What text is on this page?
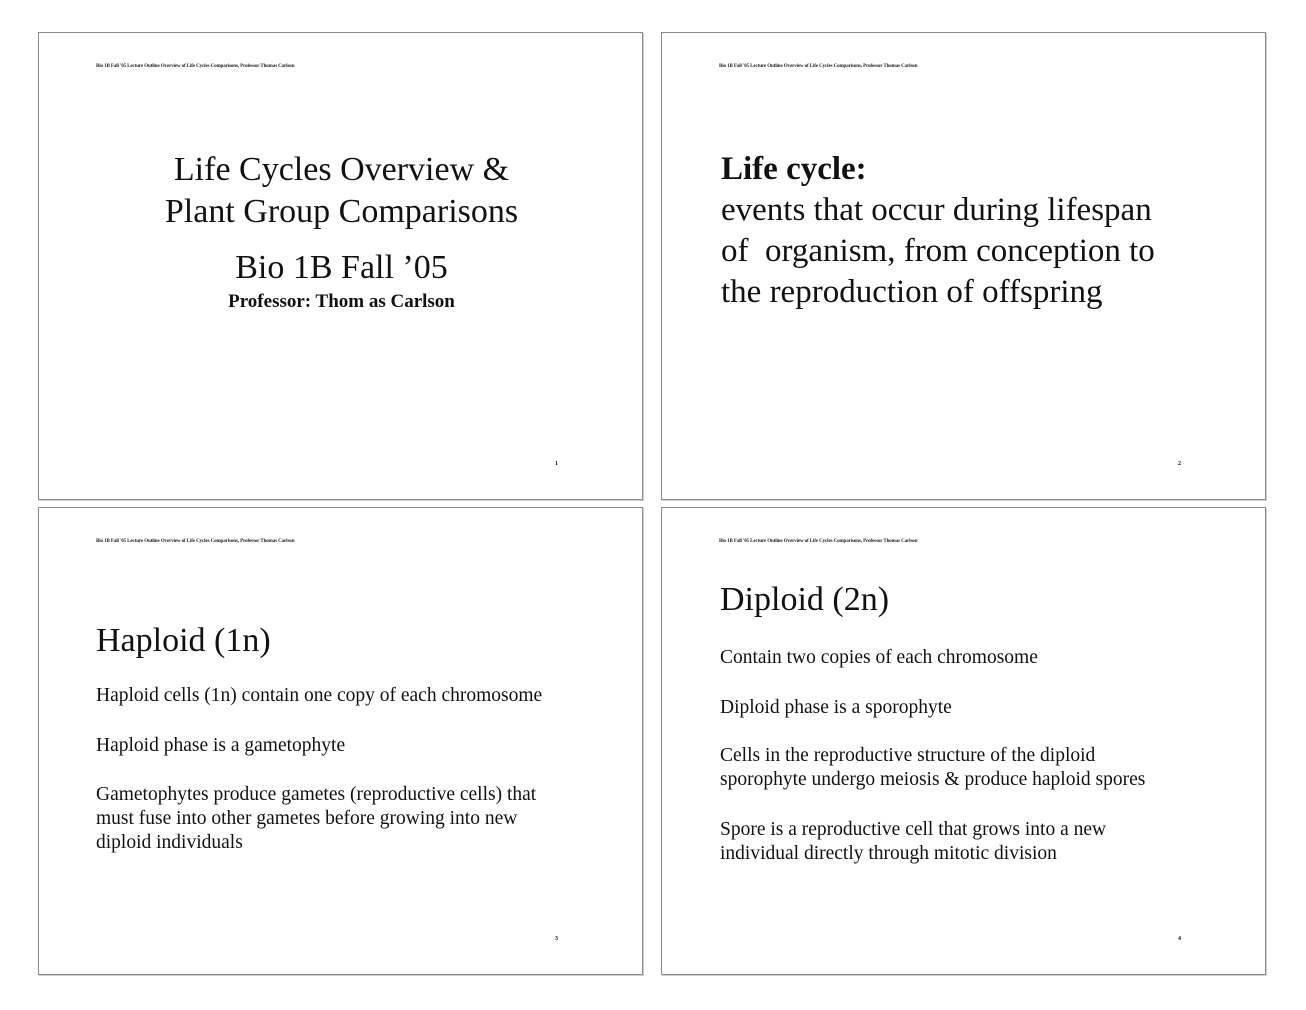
Bio 1B Fall '05 Lecture Outline Overview of Life Cycles Comparisons, Professor Thomas Carlson
Life Cycles Overview &
Plant Group Comparisons
Bio 1B Fall ’05
Professor: Thom as Carlson
1
Bio 1B Fall '05 Lecture Outline Overview of Life Cycles Comparisons, Professor Thomas Carlson
Life cycle:
events that occur during lifespan
of  organism, from conception to
the reproduction of offspring
2
Bio 1B Fall '05 Lecture Outline Overview of Life Cycles Comparisons, Professor Thomas Carlson
Haploid (1n)
Haploid cells (1n) contain one copy of each chromosome
Haploid phase is a gametophyte
Gametophytes produce gametes (reproductive cells) that
must fuse into other gametes before growing into new
diploid individuals
3
Bio 1B Fall '05 Lecture Outline Overview of Life Cycles Comparisons, Professor Thomas Carlson
Diploid (2n)
Contain two copies of each chromosome
Diploid phase is a sporophyte
Cells in the reproductive structure of the diploid
sporophyte undergo meiosis & produce haploid spores
Spore is a reproductive cell that grows into a new
individual directly through mitotic division
4
